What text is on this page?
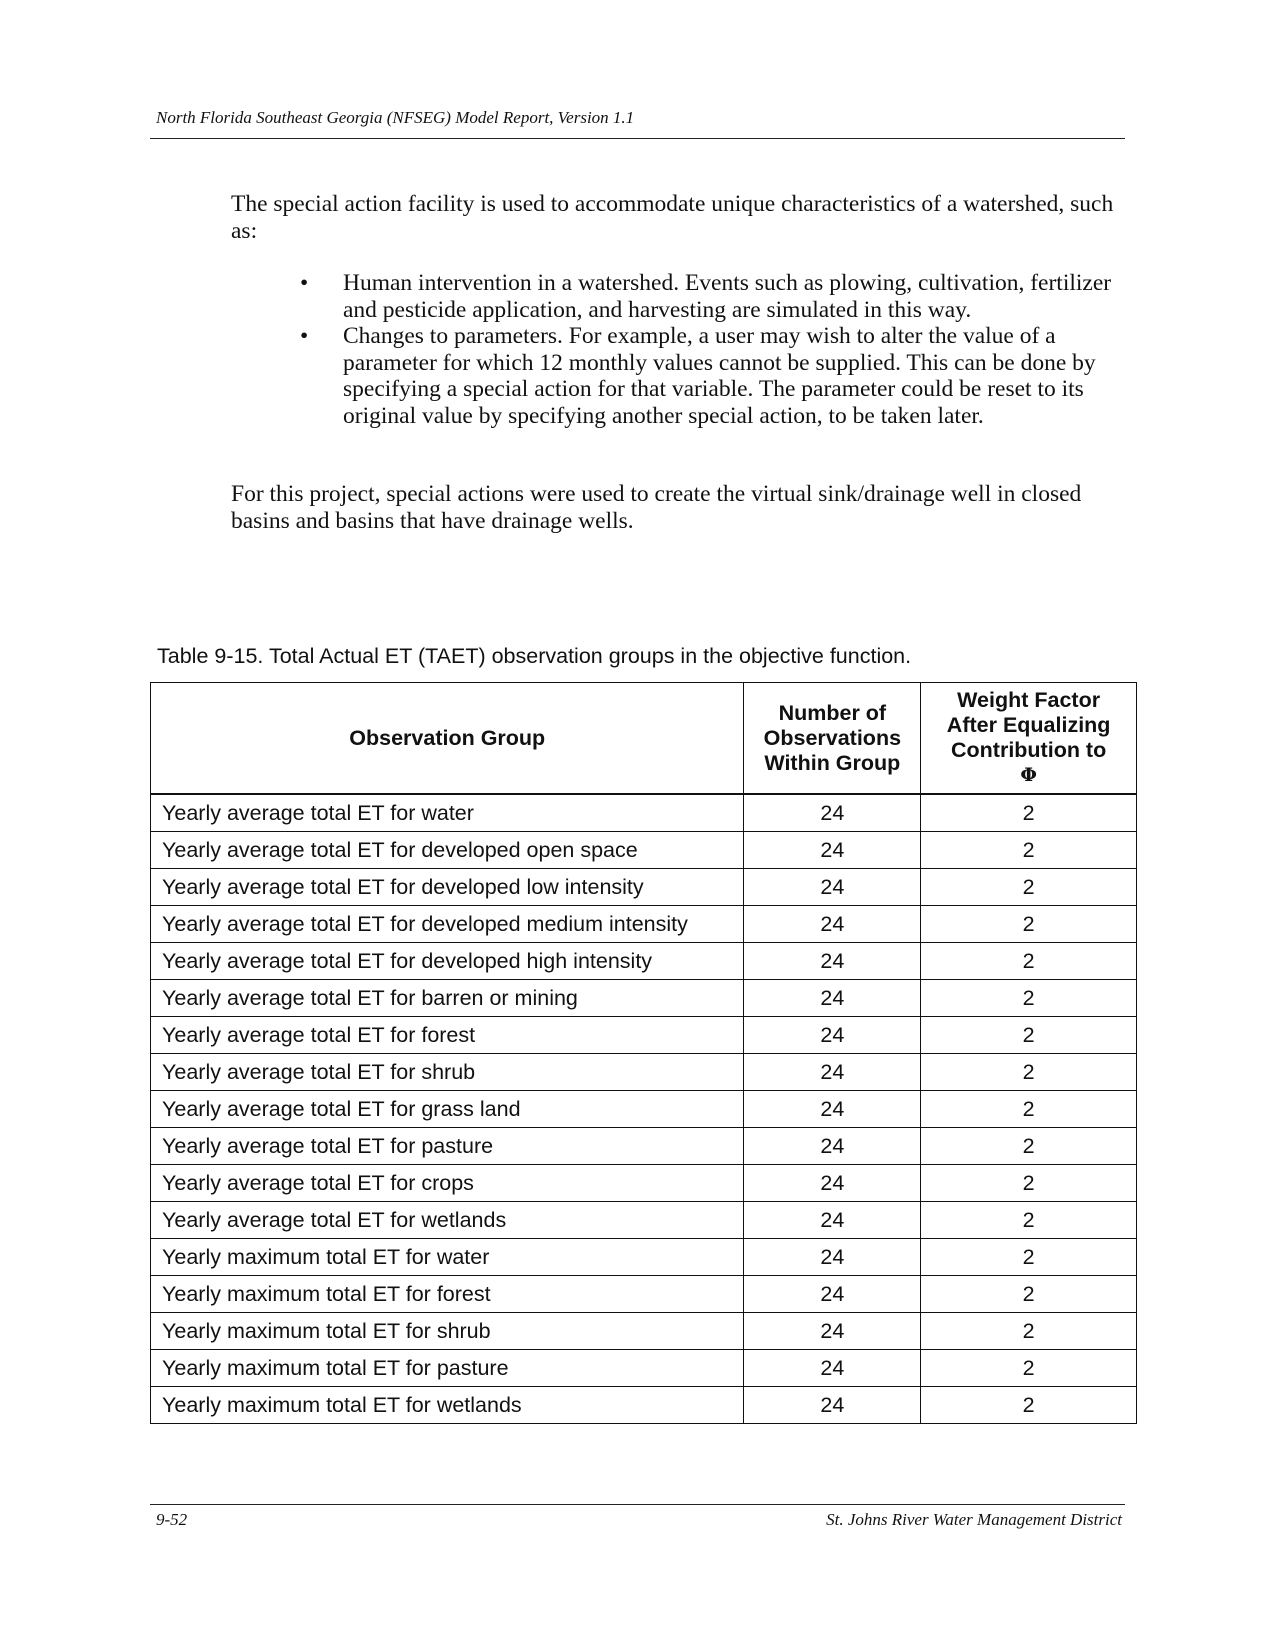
North Florida Southeast Georgia (NFSEG) Model Report, Version 1.1
The special action facility is used to accommodate unique characteristics of a watershed, such as:
• Human intervention in a watershed. Events such as plowing, cultivation, fertilizer and pesticide application, and harvesting are simulated in this way.
• Changes to parameters. For example, a user may wish to alter the value of a parameter for which 12 monthly values cannot be supplied. This can be done by specifying a special action for that variable. The parameter could be reset to its original value by specifying another special action, to be taken later.
For this project, special actions were used to create the virtual sink/drainage well in closed basins and basins that have drainage wells.
Table 9-15. Total Actual ET (TAET) observation groups in the objective function.
Observation Group	Number of Observations Within Group	Weight Factor After Equalizing Contribution to
Φ

Yearly average total ET for water	24	2
Yearly average total ET for developed open space	24	2
Yearly average total ET for developed low intensity	24	2
Yearly average total ET for developed medium intensity	24	2
Yearly average total ET for developed high intensity	24	2
Yearly average total ET for barren or mining	24	2
Yearly average total ET for forest	24	2
Yearly average total ET for shrub	24	2
Yearly average total ET for grass land	24	2
Yearly average total ET for pasture	24	2
Yearly average total ET for crops	24	2
Yearly average total ET for wetlands	24	2
Yearly maximum total ET for water	24	2
Yearly maximum total ET for forest	24	2
Yearly maximum total ET for shrub	24	2
Yearly maximum total ET for pasture	24	2
Yearly maximum total ET for wetlands	24	2
9-52	St. Johns River Water Management District
